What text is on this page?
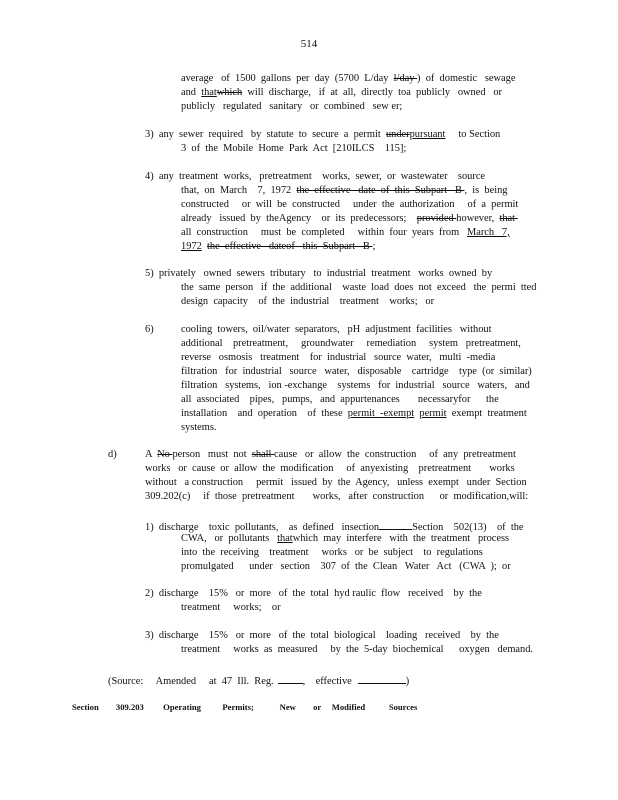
514
average   of  1500  gallons  per  day  (5700  L/day  l/day )  of  domestic   sewage
and  thatwhich  will  discharge,   if  at  all,  directly  toa  publicly   owned   or
publicly   regulated   sanitary   or  combined   sew er;
3)  any  sewer  required   by  statute  to  secure  a  permit  underpursuant     to Section
3  of  the  Mobile  Home  Park  Act  [210ILCS    115];
4)  any  treatment  works,   pretreatment    works,  sewer,  or  wastewater    source
that,  on  March    7,  1972  the  effective   date  of  this  Subpart   B ,  is  being
constructed     or  will  be  constructed     under  the  authorization     of  a  permit
already   issued  by  theAgency    or  its  predecessors;    provided however,  that
all  construction     must  be  completed     within  four  years  from   March   7,
1972 the  effective   dateof   this  Subpart   B ;
5)  privately   owned  sewers  tributary   to  industrial  treatment   works  owned  by
the  same  person   if  the  additional    waste  load  does  not  exceed   the  permi  tted
design  capacity    of  the  industrial    treatment    works;   or
6)	cooling  towers,  oil/water  separators,   pH  adjustment  facilities   without
additional    pretreatment,     groundwater     remediation     system   pretreatment,
reverse   osmosis   treatment    for  industrial   source  water,   multi  -media
filtration   for  industrial   source   water,   disposable    cartridge    type  (or  similar)
filtration   systems,   ion -exchange    systems   for  industrial   source   waters,   and
all  associated    pipes,   pumps,   and  appurtenances       necessaryfor      the
installation    and  operation    of  these  permit  -exempt permit  exempt  treatment
systems.
d)	A  No person   must  not  shall cause   or  allow  the  construction     of  any  pretreatment
works   or  cause  or  allow  the  modification     of  anyexisting    pretreatment       works
without   a construction     permit   issued  by  the  Agency,   unless  exempt   under  Section
309.202(c)     if  those  pretreatment       works,   after  construction      or  modification,will:
1)  discharge    toxic  pollutants,    as  defined   insection	Section    502(13)    of  the
CWA,   or  pollutants   thatwhich  may  interfere   with  the  treatment   process
into  the  receiving    treatment     works   or  be  subject    to  regulations
promulgated      under   section    307  of  the  Clean   Water   Act   (CWA  );  or
2)  discharge    15%   or  more   of  the  total  hyd raulic  flow   received    by  the
treatment     works;    or
3)  discharge    15%   or  more   of  the  total  biological    loading   received    by  the
treatment     works  as  measured     by  the  5-day  biochemical      oxygen   demand.
(Source:     Amended     at  47  Ill.  Reg.	,    effective	)
Section        309.203         Operating          Permits;            New        or     Modified           Sources
